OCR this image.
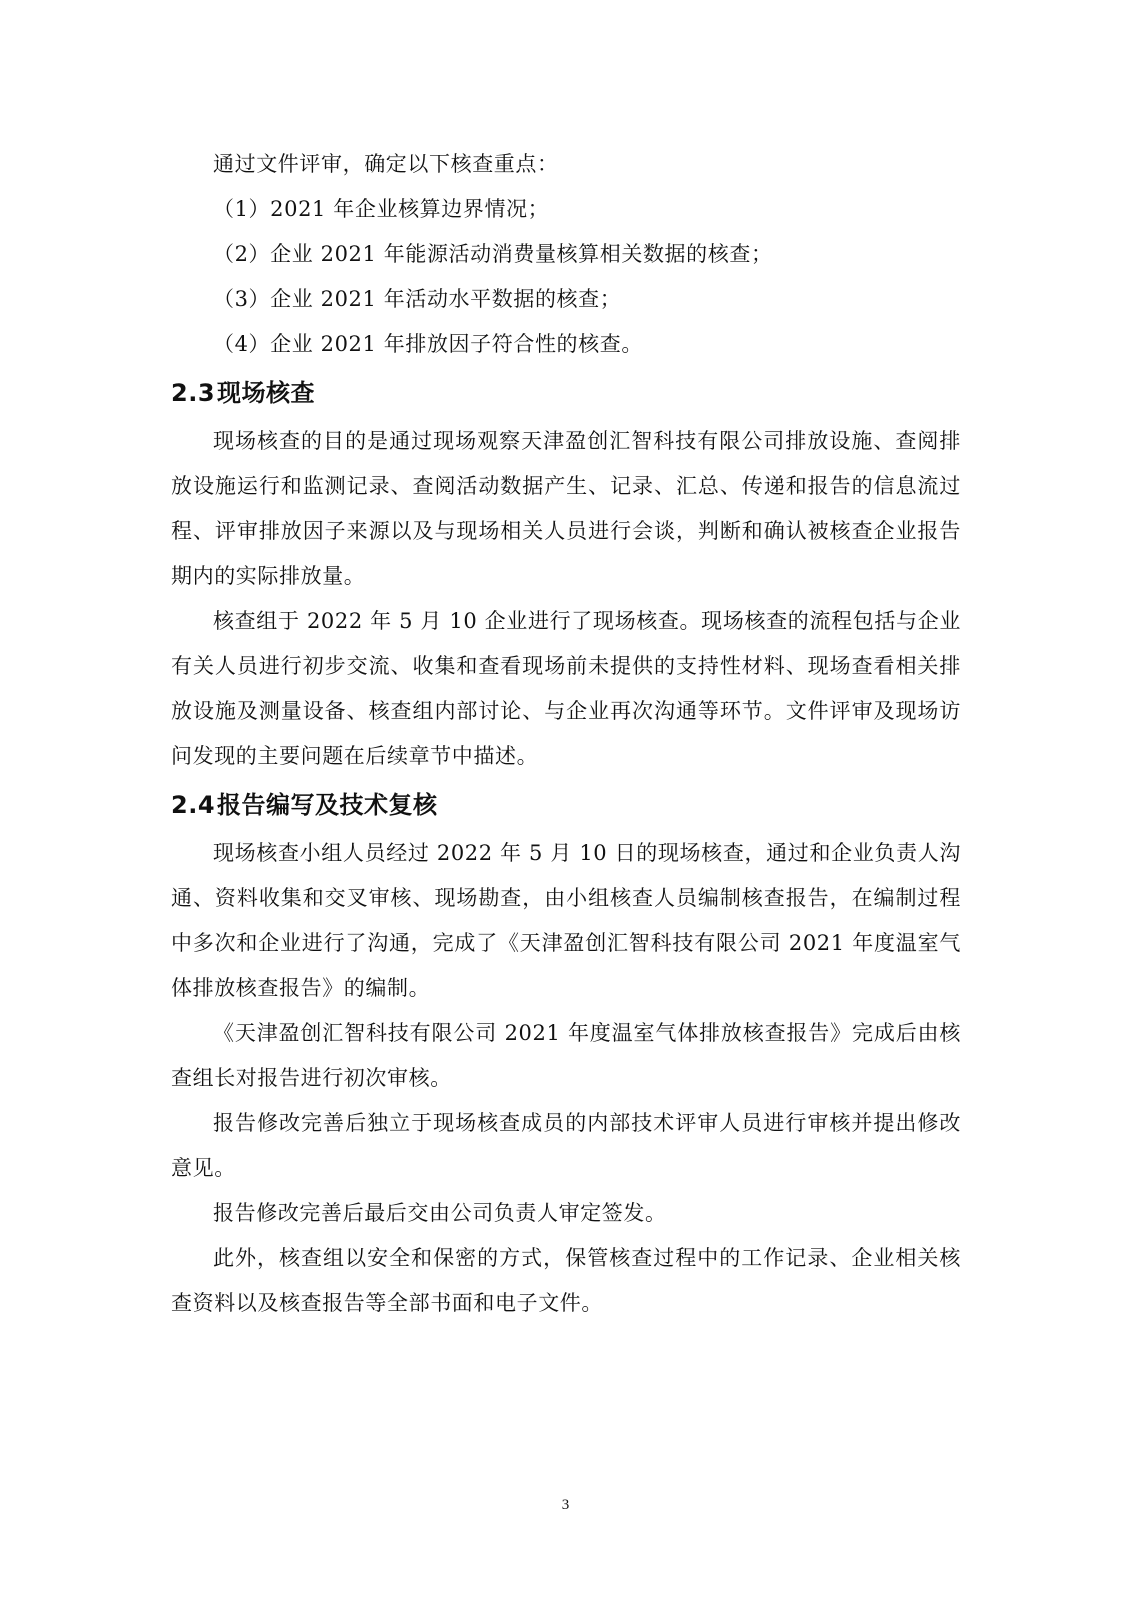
通过文件评审，确定以下核查重点：

（1）2021 年企业核算边界情况；

（2）企业 2021 年能源活动消费量核算相关数据的核查；

（3）企业 2021 年活动水平数据的核查；

（4）企业 2021 年排放因子符合性的核查。

2.3现场核查

现场核查的目的是通过现场观察天津盈创汇智科技有限公司排放设施、查阅排放设施运行和监测记录、查阅活动数据产生、记录、汇总、传递和报告的信息流过程、评审排放因子来源以及与现场相关人员进行会谈，判断和确认被核查企业报告期内的实际排放量。

核查组于 2022 年 5 月 10 企业进行了现场核查。现场核查的流程包括与企业有关人员进行初步交流、收集和查看现场前未提供的支持性材料、现场查看相关排放设施及测量设备、核查组内部讨论、与企业再次沟通等环节。文件评审及现场访问发现的主要问题在后续章节中描述。

2.4报告编写及技术复核

现场核查小组人员经过 2022 年 5 月 10 日的现场核查，通过和企业负责人沟通、资料收集和交叉审核、现场勘查，由小组核查人员编制核查报告，在编制过程中多次和企业进行了沟通，完成了《天津盈创汇智科技有限公司 2021 年度温室气体排放核查报告》的编制。

《天津盈创汇智科技有限公司 2021 年度温室气体排放核查报告》完成后由核查组长对报告进行初次审核。

报告修改完善后独立于现场核查成员的内部技术评审人员进行审核并提出修改意见。

报告修改完善后最后交由公司负责人审定签发。

此外，核查组以安全和保密的方式，保管核查过程中的工作记录、企业相关核查资料以及核查报告等全部书面和电子文件。

3
